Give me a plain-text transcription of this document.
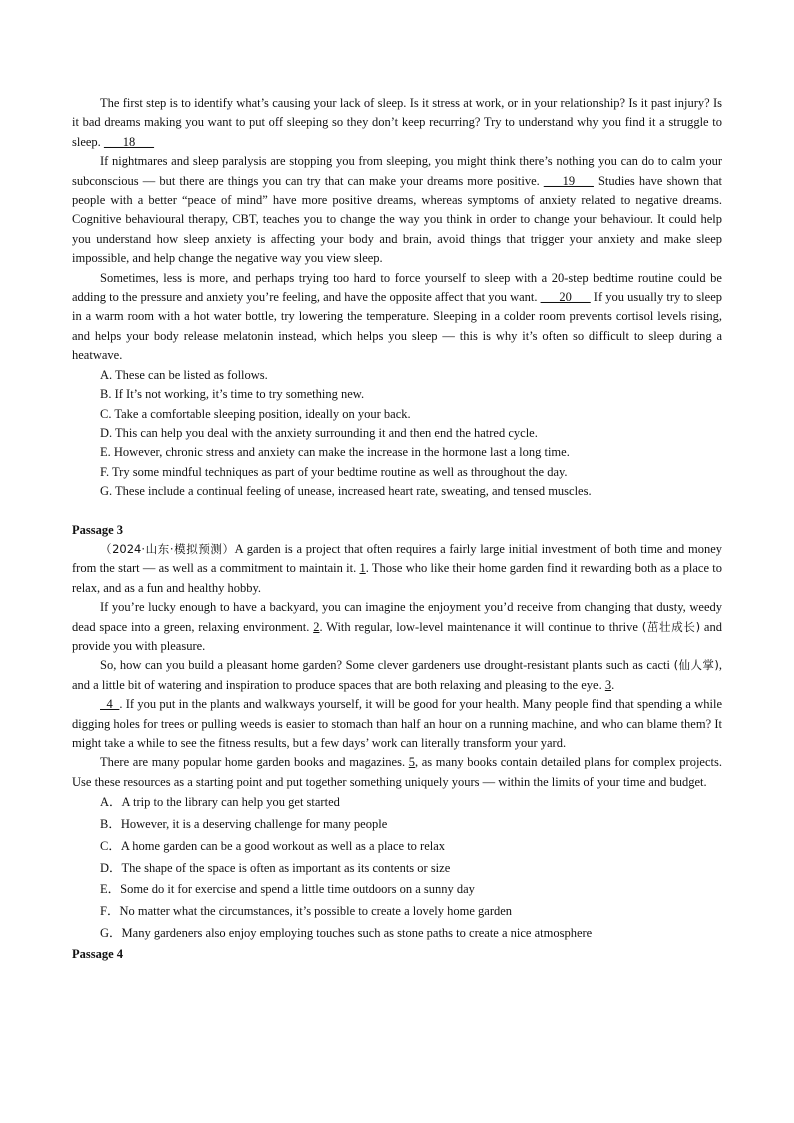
The first step is to identify what’s causing your lack of sleep. Is it stress at work, or in your relationship? Is it past injury? Is it bad dreams making you want to put off sleeping so they don’t keep recurring? Try to understand why you find it a struggle to sleep. ___18___

If nightmares and sleep paralysis are stopping you from sleeping, you might think there’s nothing you can do to calm your subconscious — but there are things you can try that can make your dreams more positive. ___19___ Studies have shown that people with a better “peace of mind” have more positive dreams, whereas symptoms of anxiety related to negative dreams. Cognitive behavioural therapy, CBT, teaches you to change the way you think in order to change your behaviour. It could help you understand how sleep anxiety is affecting your body and brain, avoid things that trigger your anxiety and make sleep impossible, and help change the negative way you view sleep.

Sometimes, less is more, and perhaps trying too hard to force yourself to sleep with a 20-step bedtime routine could be adding to the pressure and anxiety you’re feeling, and have the opposite affect that you want. ___20___ If you usually try to sleep in a warm room with a hot water bottle, try lowering the temperature. Sleeping in a colder room prevents cortisol levels rising, and helps your body release melatonin instead, which helps you sleep — this is why it’s often so difficult to sleep during a heatwave.

A. These can be listed as follows.

B. If It’s not working, it’s time to try something new.

C. Take a comfortable sleeping position, ideally on your back.

D. This can help you deal with the anxiety surrounding it and then end the hatred cycle.

E. However, chronic stress and anxiety can make the increase in the hormone last a long time.

F. Try some mindful techniques as part of your bedtime routine as well as throughout the day.

G. These include a continual feeling of unease, increased heart rate, sweating, and tensed muscles.

Passage 3

（2024·山东·模拟预测）A garden is a project that often requires a fairly large initial investment of both time and money from the start — as well as a commitment to maintain it. 1. Those who like their home garden find it rewarding both as a place to relax, and as a fun and healthy hobby.

If you’re lucky enough to have a backyard, you can imagine the enjoyment you’d receive from changing that dusty, weedy dead space into a green, relaxing environment. 2. With regular, low-level maintenance it will continue to thrive (茁壮成长) and provide you with pleasure.

So, how can you build a pleasant home garden? Some clever gardeners use drought-resistant plants such as cacti (仙人掌), and a little bit of watering and inspiration to produce spaces that are both relaxing and pleasing to the eye. 3.

4  . If you put in the plants and walkways yourself, it will be good for your health. Many people find that spending a while digging holes for trees or pulling weeds is easier to stomach than half an hour on a running machine, and who can blame them? It might take a while to see the fitness results, but a few days’ work can literally transform your yard.

There are many popular home garden books and magazines. 5, as many books contain detailed plans for complex projects. Use these resources as a starting point and put together something uniquely yours — within the limits of your time and budget.

A．A trip to the library can help you get started

B．However, it is a deserving challenge for many people

C．A home garden can be a good workout as well as a place to relax

D．The shape of the space is often as important as its contents or size

E．Some do it for exercise and spend a little time outdoors on a sunny day

F．No matter what the circumstances, it’s possible to create a lovely home garden

G．Many gardeners also enjoy employing touches such as stone paths to create a nice atmosphere

Passage 4
